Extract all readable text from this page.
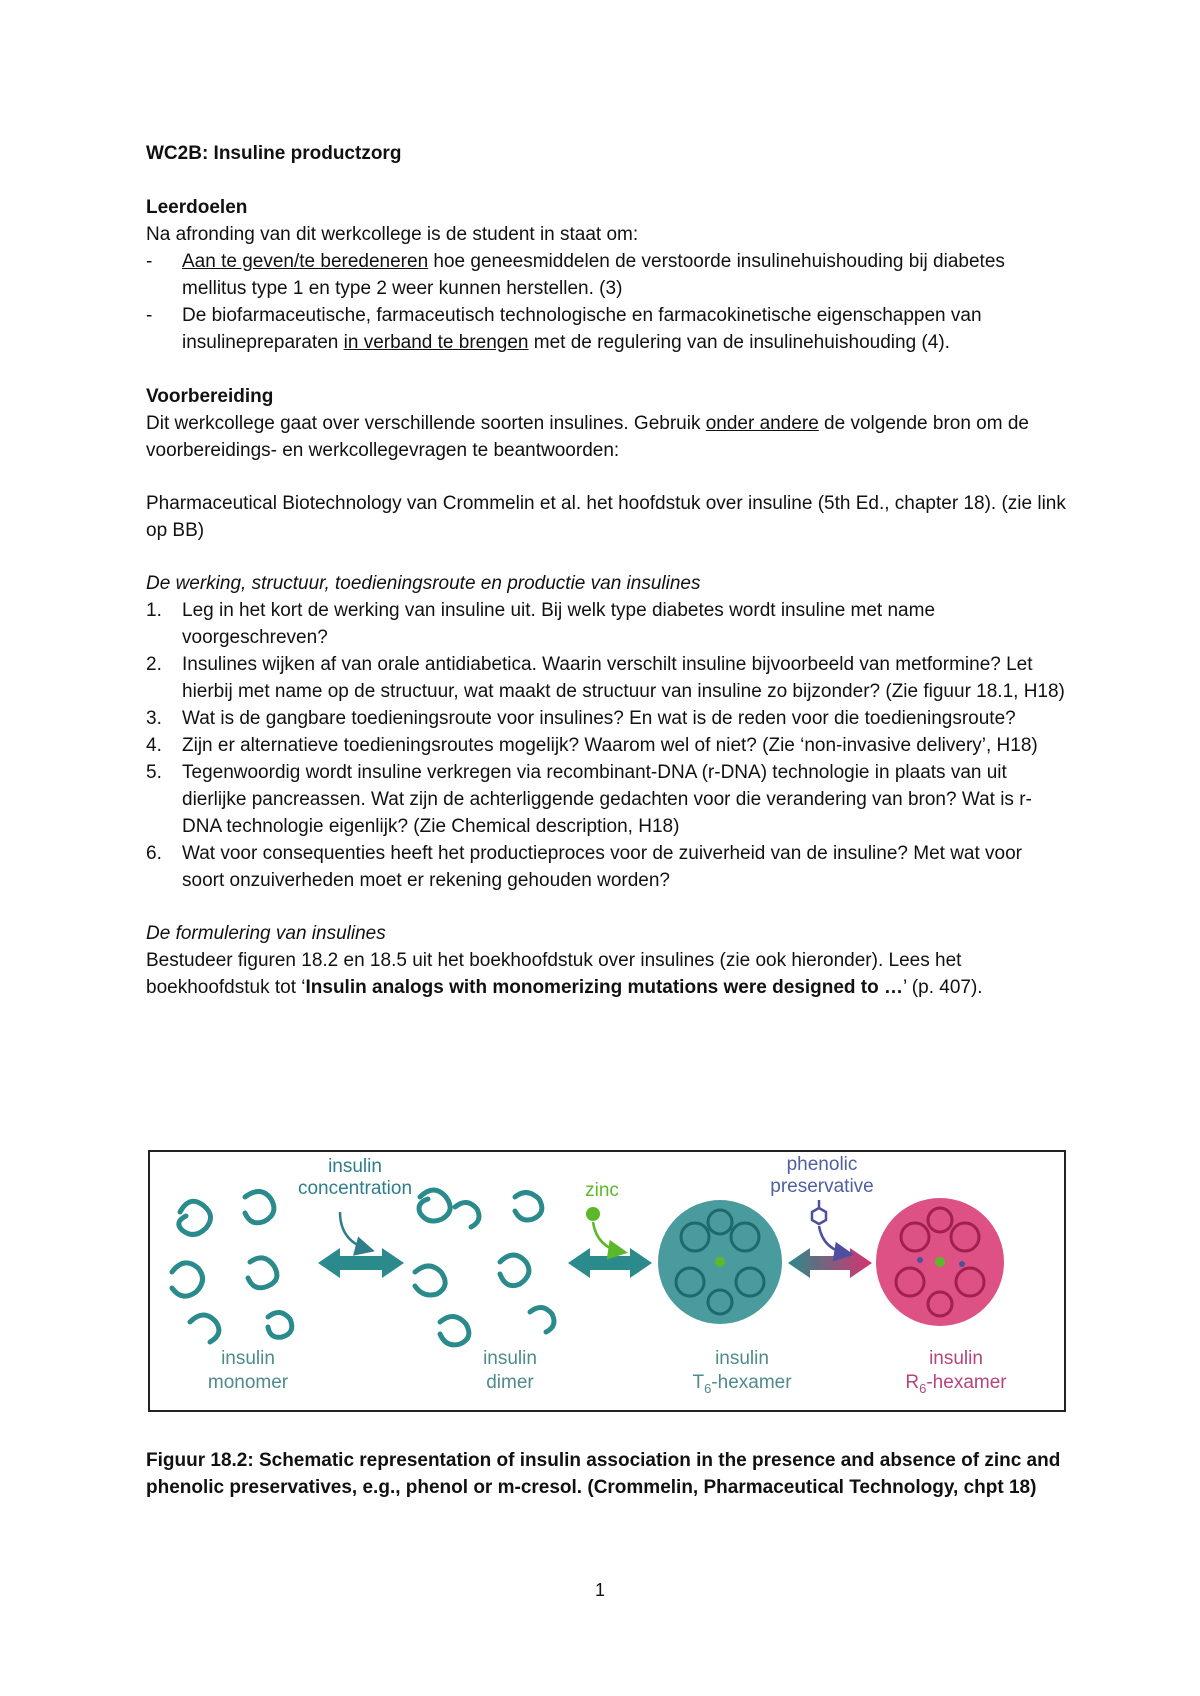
WC2B: Insuline productzorg
Leerdoelen
Na afronding van dit werkcollege is de student in staat om:
- Aan te geven/te beredeneren hoe geneesmiddelen de verstoorde insulinehuishouding bij diabetes mellitus type 1 en type 2 weer kunnen herstellen. (3)
- De biofarmaceutische, farmaceutisch technologische en farmacokinetische eigenschappen van insulinepreparaten in verband te brengen met de regulering van de insulinehuishouding (4).
Voorbereiding
Dit werkcollege gaat over verschillende soorten insulines. Gebruik onder andere de volgende bron om de voorbereidings- en werkcollegevragen te beantwoorden:
Pharmaceutical Biotechnology van Crommelin et al. het hoofdstuk over insuline (5th Ed., chapter 18). (zie link op BB)
De werking, structuur, toedieningsroute en productie van insulines
1. Leg in het kort de werking van insuline uit. Bij welk type diabetes wordt insuline met name voorgeschreven?
2. Insulines wijken af van orale antidiabetica. Waarin verschilt insuline bijvoorbeeld van metformine? Let hierbij met name op de structuur, wat maakt de structuur van insuline zo bijzonder? (Zie figuur 18.1, H18)
3. Wat is de gangbare toedieningsroute voor insulines? En wat is de reden voor die toedieningsroute?
4. Zijn er alternatieve toedieningsroutes mogelijk? Waarom wel of niet? (Zie ‘non-invasive delivery’, H18)
5. Tegenwoordig wordt insuline verkregen via recombinant-DNA (r-DNA) technologie in plaats van uit dierlijke pancreassen. Wat zijn de achterliggende gedachten voor die verandering van bron? Wat is r-DNA technologie eigenlijk? (Zie Chemical description, H18)
6. Wat voor consequenties heeft het productieproces voor de zuiverheid van de insuline? Met wat voor soort onzuiverheden moet er rekening gehouden worden?
De formulering van insulines
Bestudeer figuren 18.2 en 18.5 uit het boekhoofdstuk over insulines (zie ook hieronder). Lees het boekhoofdstuk tot ‘Insulin analogs with monomerizing mutations were designed to …’ (p. 407).
insulin
concentration	zinc
phenolic
preservative
insulin
monomer
insulin
dimer
insulin
$T_6$-hexamer
insulin
$R_6$-hexamer
Figuur 18.2: Schematic representation of insulin association in the presence and absence of zinc and phenolic preservatives, e.g., phenol or m-cresol. (Crommelin, Pharmaceutical Technology, chpt 18)
1
